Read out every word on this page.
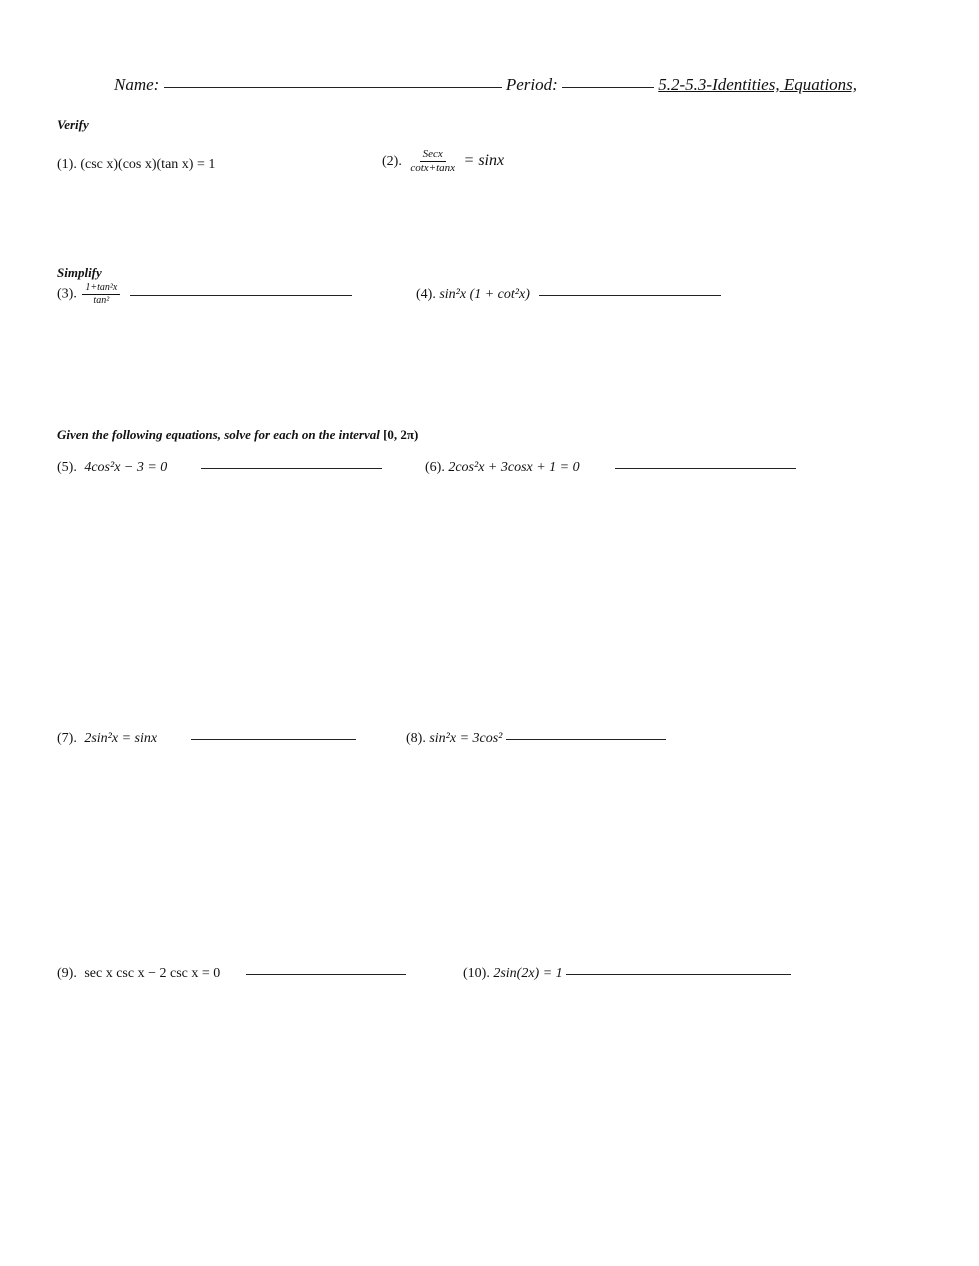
Name:	Period:	5.2-5.3-Identities, Equations,
Verify
(1). (csc x)(cos x)(tan x) = 1	(2). $\frac{\text{Secx}}{\cot x+\tan x} = \sin x$
Simplify
(3). $\frac{\text{1+tan²x}}{\text{tan²}}$
	(4). sin²x (1 + cot²x)
Given the following equations, solve for each on the interval [0, 2π)
(5). 4cos²x − 3 = 0	(6). 2cos²x + 3cosx + 1 = 0
(7). 2sin²x = sinx	(8). sin²x = 3cos²
(9). sec x csc x − 2 csc x = 0	(10). 2sin(2x) = 1
